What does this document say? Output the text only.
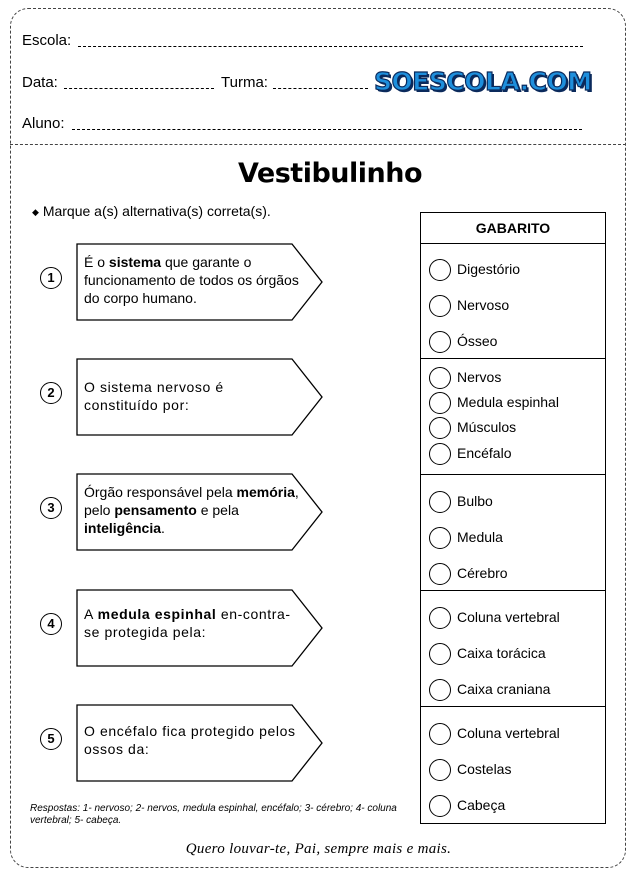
Escola:
Data:	Turma:	SOESCOLA.COM
Aluno:
Vestibulinho
◆ Marque a(s) alternativa(s) correta(s).
1
É o sistema que garante o funcionamento de todos os órgãos do corpo humano.
2	O sistema nervoso é constituído por:
3
Órgão responsável pela memória, pelo pensamento e pela inteligência.
4
A medula espinhal en-contra-se protegida pela:
5	O encéfalo fica protegido pelos ossos da:
GABARITO
Digestório
Nervoso
Ósseo
Nervos
Medula espinhal
Músculos
Encéfalo
Bulbo
Medula
Cérebro
Coluna vertebral
Caixa torácica
Caixa craniana
Coluna vertebral
Costelas
Cabeça
Respostas: 1- nervoso; 2- nervos, medula espinhal, encéfalo; 3- cérebro; 4- coluna vertebral; 5- cabeça.
Quero louvar-te, Pai, sempre mais e mais.
